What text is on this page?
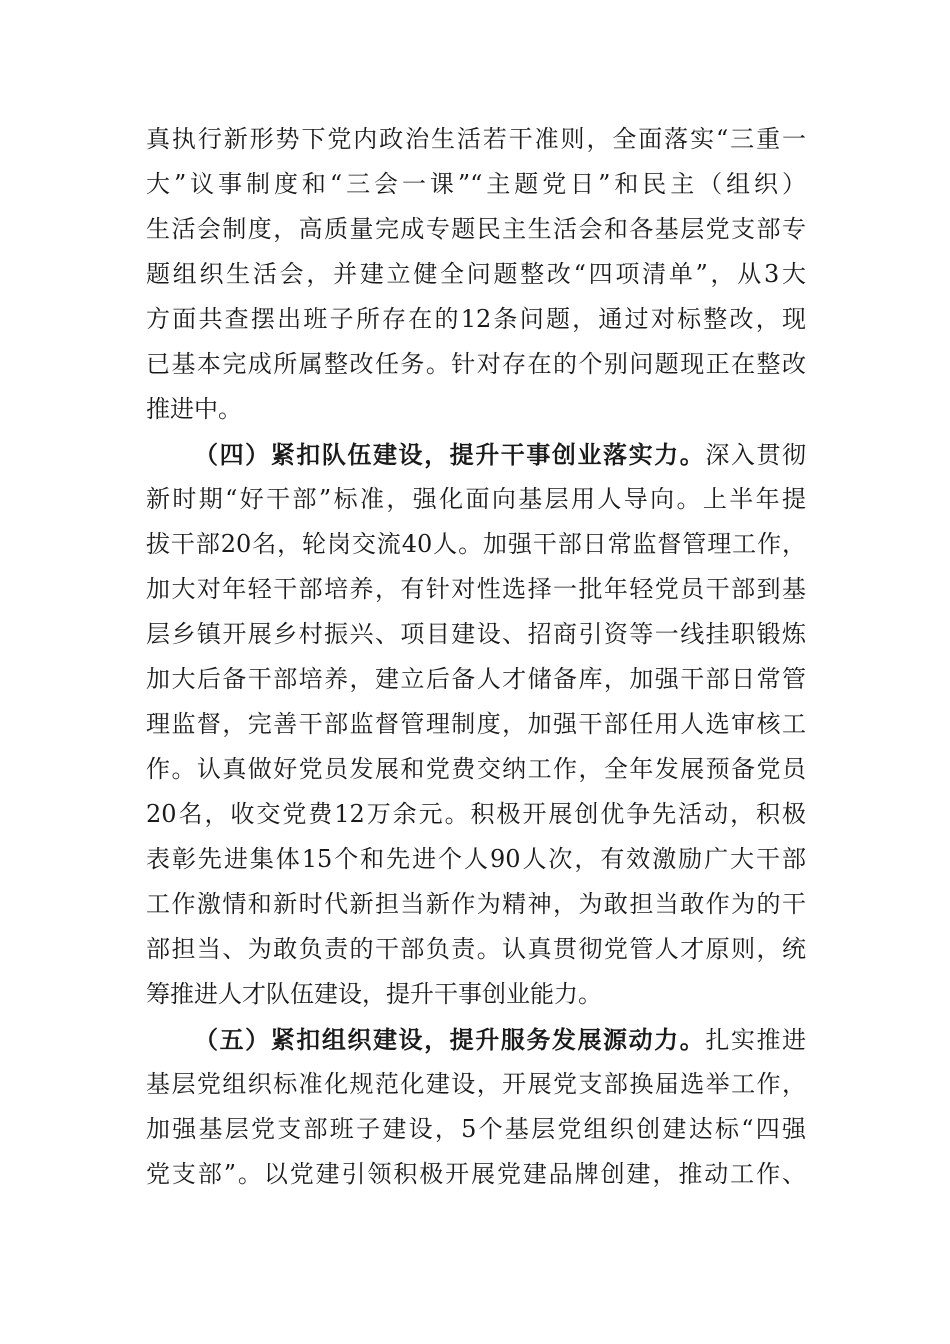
真执行新形势下党内政治生活若干准则，全面落实“三重一
大”议事制度和“三会一课”“主题党日”和民主（组织）
生活会制度，高质量完成专题民主生活会和各基层党支部专
题组织生活会，并建立健全问题整改“四项清单”，从3大
方面共查摆出班子所存在的12条问题，通过对标整改，现
已基本完成所属整改任务。针对存在的个别问题现正在整改
推进中。
（四）紧扣队伍建设，提升干事创业落实力。深入贯彻
新时期“好干部”标准，强化面向基层用人导向。上半年提
拔干部20名，轮岗交流40人。加强干部日常监督管理工作，
加大对年轻干部培养，有针对性选择一批年轻党员干部到基
层乡镇开展乡村振兴、项目建设、招商引资等一线挂职锻炼
加大后备干部培养，建立后备人才储备库，加强干部日常管
理监督，完善干部监督管理制度，加强干部任用人选审核工
作。认真做好党员发展和党费交纳工作，全年发展预备党员
20名，收交党费12万余元。积极开展创优争先活动，积极
表彰先进集体15个和先进个人90人次，有效激励广大干部
工作激情和新时代新担当新作为精神，为敢担当敢作为的干
部担当、为敢负责的干部负责。认真贯彻党管人才原则，统
筹推进人才队伍建设，提升干事创业能力。
（五）紧扣组织建设，提升服务发展源动力。扎实推进
基层党组织标准化规范化建设，开展党支部换届选举工作，
加强基层党支部班子建设，5个基层党组织创建达标“四强
党支部”。以党建引领积极开展党建品牌创建，推动工作、
